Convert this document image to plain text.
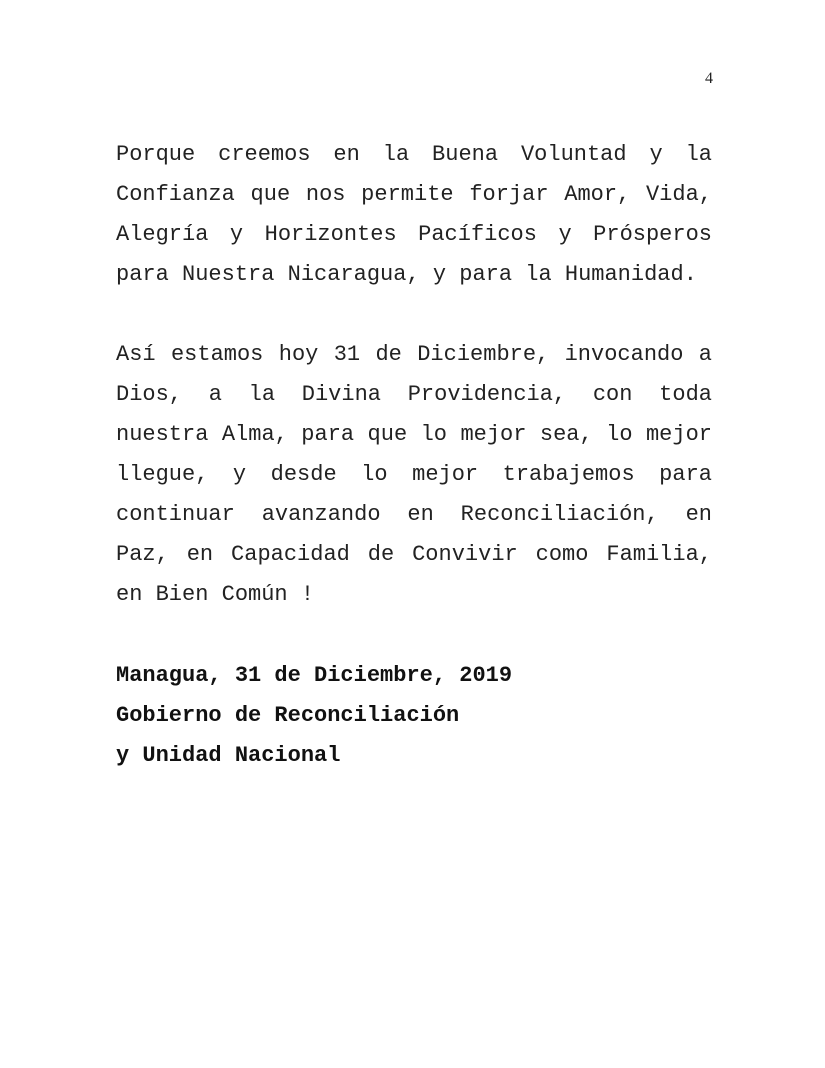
4

Porque creemos en la Buena Voluntad y la Confianza que nos permite forjar Amor, Vida, Alegría y Horizontes Pacíficos y Prósperos para Nuestra Nicaragua, y para la Humanidad.

Así estamos hoy 31 de Diciembre, invocando a Dios, a la Divina Providencia, con toda nuestra Alma, para que lo mejor sea, lo mejor llegue, y desde lo mejor trabajemos para continuar avanzando en Reconciliación, en Paz, en Capacidad de Convivir como Familia, en Bien Común !

Managua, 31 de Diciembre, 2019
Gobierno de Reconciliación
y Unidad Nacional
